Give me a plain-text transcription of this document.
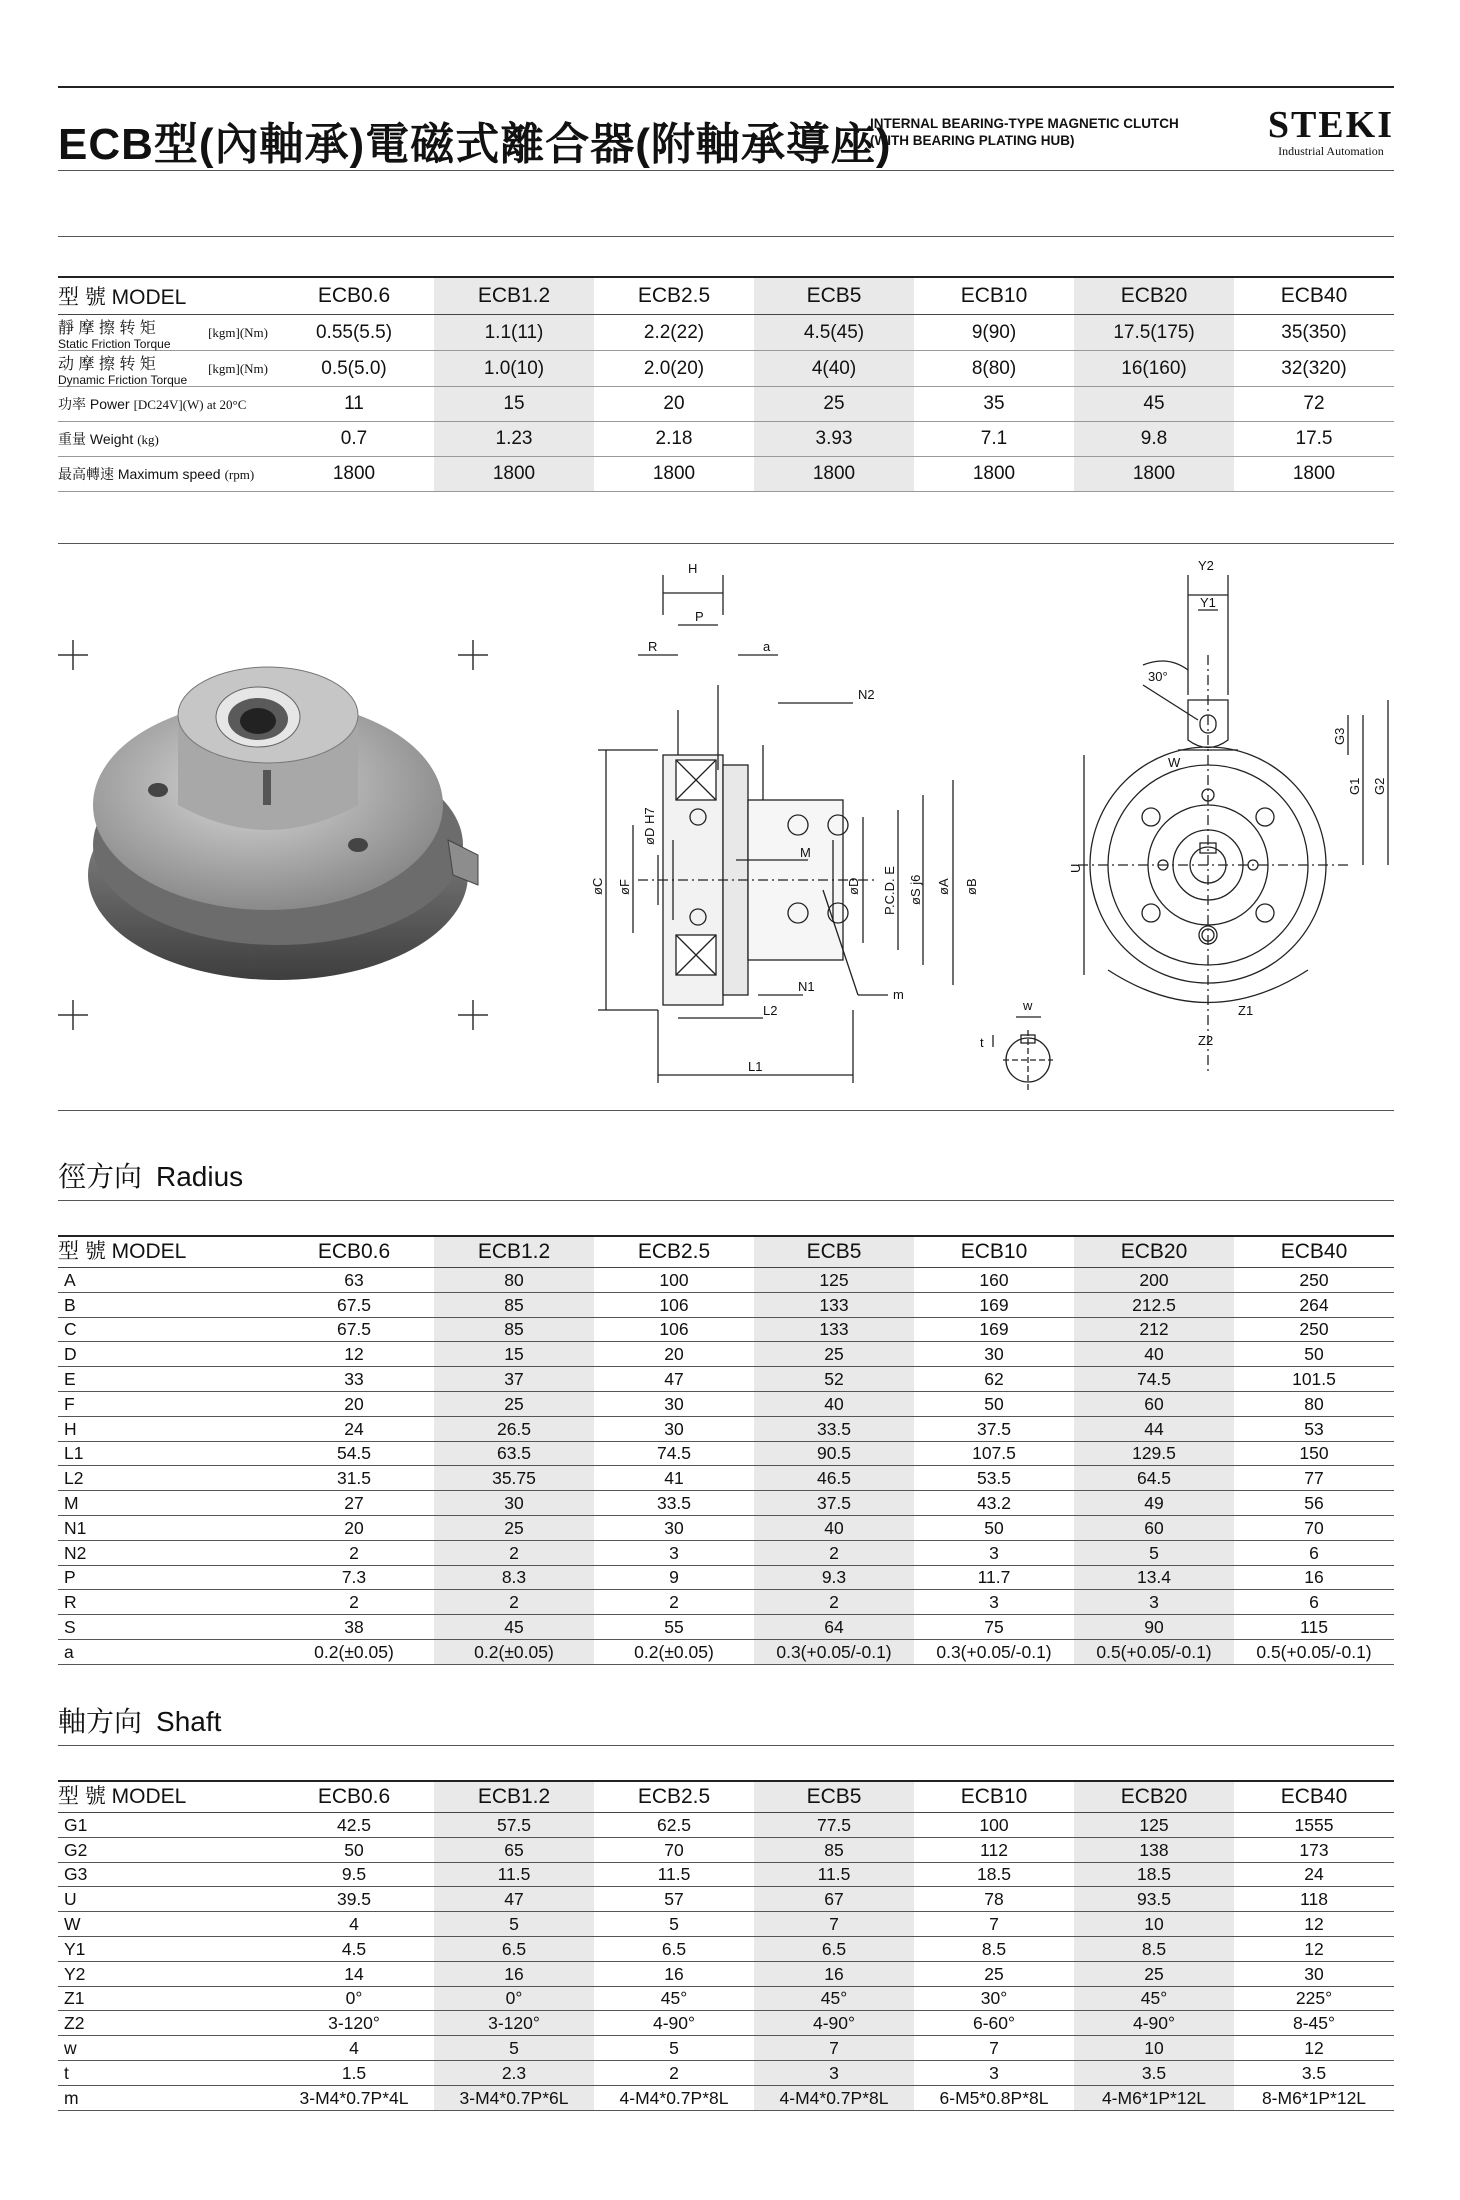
ECB型(內軸承)電磁式離合器(附軸承導座)
INTERNAL BEARING-TYPE MAGNETIC CLUTCH
(WITH BEARING PLATING HUB)	STEKI
Industrial Automation
型 號 MODEL	ECB0.6	ECB1.2	ECB2.5	ECB5	ECB10	ECB20	ECB40

靜 摩 擦 转 矩
Static Friction Torque
[kgm](Nm)	0.55(5.5)	1.1(11)	2.2(22)	4.5(45)	9(90)	17.5(175)	35(350)

动 摩 擦 转 矩
Dynamic Friction Torque
[kgm](Nm)	0.5(5.0)	1.0(10)	2.0(20)	4(40)	8(80)	16(160)	32(320)
功率 Power [DC24V](W) at 20°C	11	15	20	25	35	45	72
重量 Weight (kg)	0.7	1.23	2.18	3.93	7.1	9.8	17.5
最高轉速 Maximum speed (rpm)	1800	1800	1800	1800	1800	1800	1800
H
P
R	a
N2
M
L2
N1
m
L1
øC øF
øD H7
øD P.C.D. E øS j6 øA øB
w
t
Y2
Y1
30°
W
Z1
Z2
U
G3
G1 G2
徑方向 Radius
型 號 MODEL	ECB0.6	ECB1.2	ECB2.5	ECB5	ECB10	ECB20	ECB40
A	63	80	100	125	160	200	250
B	67.5	85	106	133	169	212.5	264
C	67.5	85	106	133	169	212	250
D	12	15	20	25	30	40	50
E	33	37	47	52	62	74.5	101.5
F	20	25	30	40	50	60	80
H	24	26.5	30	33.5	37.5	44	53
L1	54.5	63.5	74.5	90.5	107.5	129.5	150
L2	31.5	35.75	41	46.5	53.5	64.5	77
M	27	30	33.5	37.5	43.2	49	56
N1	20	25	30	40	50	60	70
N2	2	2	3	2	3	5	6
P	7.3	8.3	9	9.3	11.7	13.4	16
R	2	2	2	2	3	3	6
S	38	45	55	64	75	90	115
a	0.2(±0.05)	0.2(±0.05)	0.2(±0.05)	0.3(+0.05/-0.1)	0.3(+0.05/-0.1)	0.5(+0.05/-0.1)	0.5(+0.05/-0.1)
軸方向 Shaft
型 號 MODEL	ECB0.6	ECB1.2	ECB2.5	ECB5	ECB10	ECB20	ECB40
G1	42.5	57.5	62.5	77.5	100	125	1555
G2	50	65	70	85	112	138	173
G3	9.5	11.5	11.5	11.5	18.5	18.5	24
U	39.5	47	57	67	78	93.5	118
W	4	5	5	7	7	10	12
Y1	4.5	6.5	6.5	6.5	8.5	8.5	12
Y2	14	16	16	16	25	25	30
Z1	0°	0°	45°	45°	30°	45°	225°
Z2	3-120°	3-120°	4-90°	4-90°	6-60°	4-90°	8-45°
w	4	5	5	7	7	10	12
t	1.5	2.3	2	3	3	3.5	3.5
m	3-M4*0.7P*4L	3-M4*0.7P*6L	4-M4*0.7P*8L	4-M4*0.7P*8L	6-M5*0.8P*8L	4-M6*1P*12L	8-M6*1P*12L
